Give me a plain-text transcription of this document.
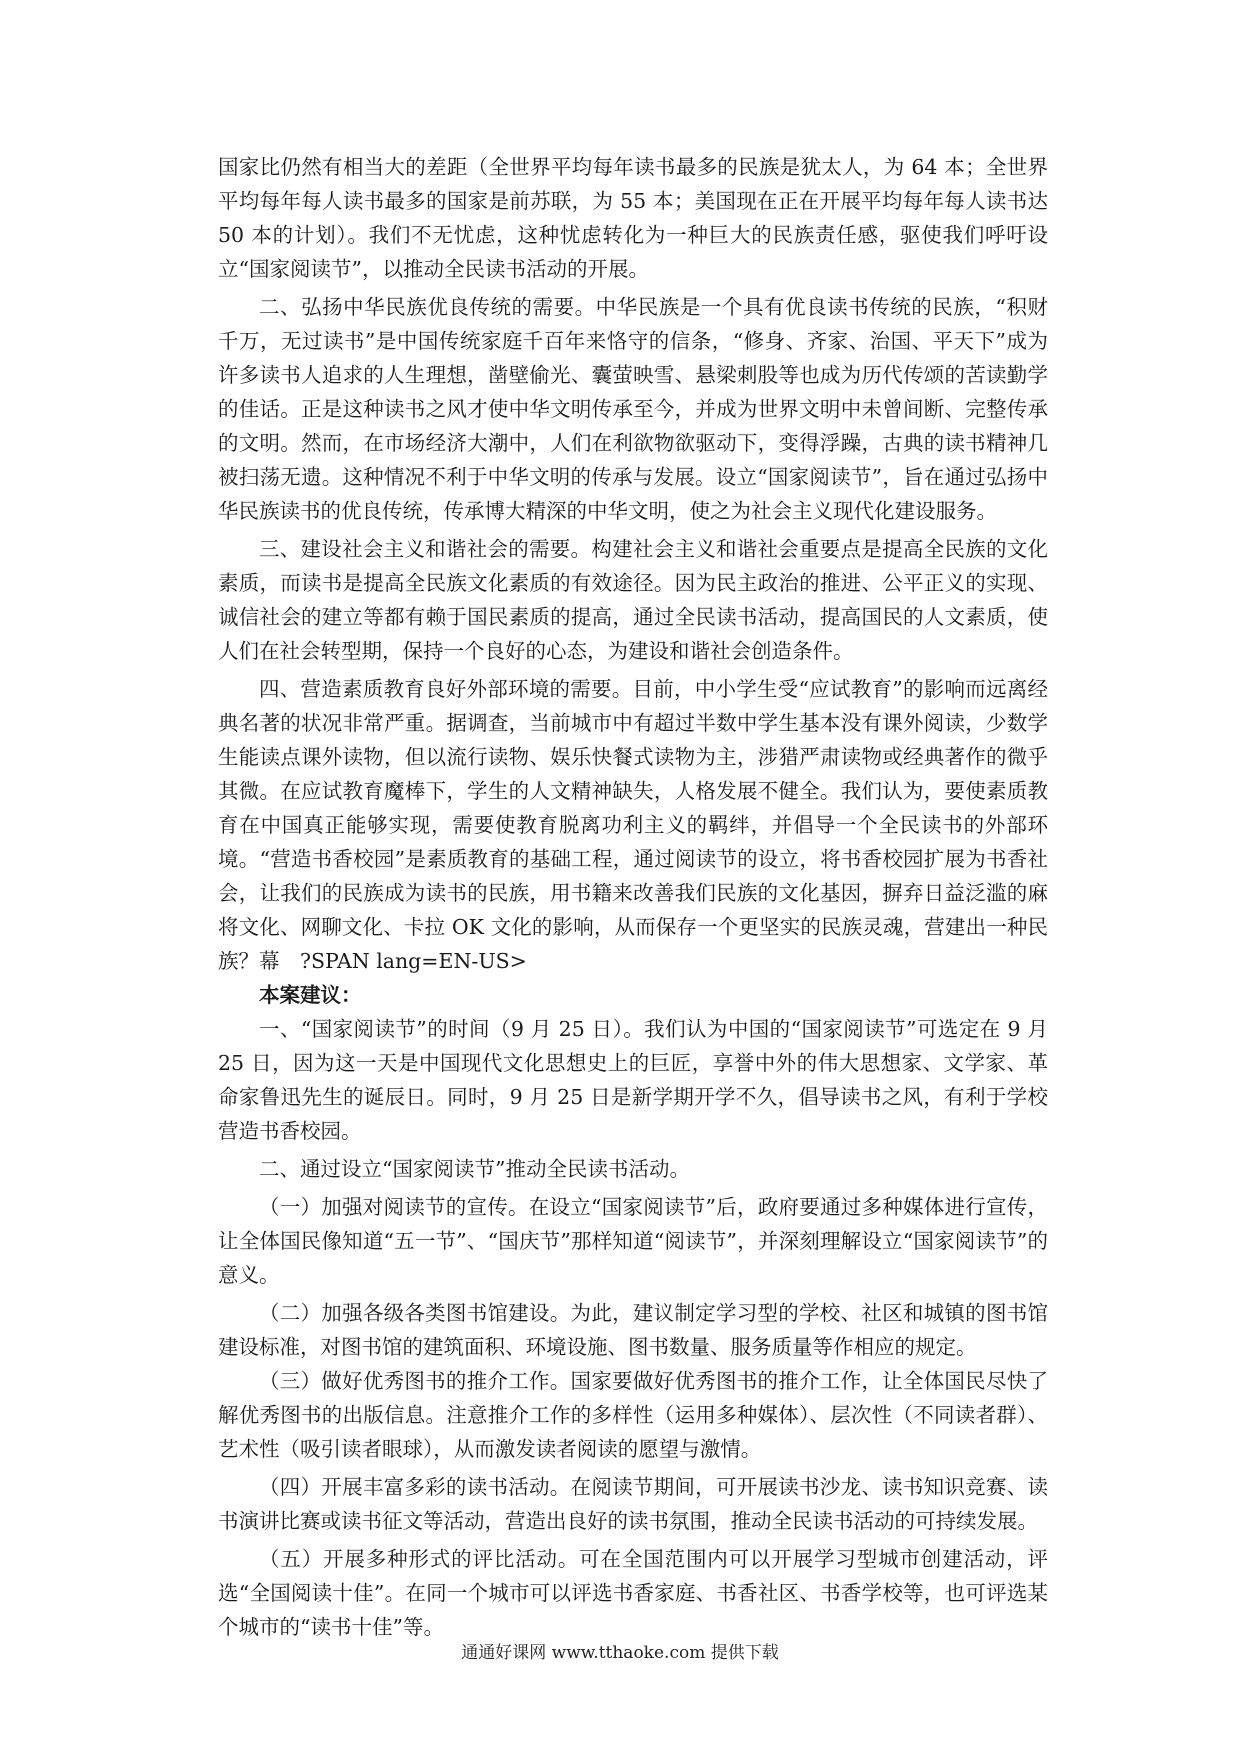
国家比仍然有相当大的差距（全世界平均每年读书最多的民族是犹太人，为 64 本；全世界平均每年每人读书最多的国家是前苏联，为 55 本；美国现在正在开展平均每年每人读书达 50 本的计划）。我们不无忧虑，这种忧虑转化为一种巨大的民族责任感，驱使我们呼吁设立“国家阅读节”，以推动全民读书活动的开展。

二、弘扬中华民族优良传统的需要。中华民族是一个具有优良读书传统的民族，“积财千万，无过读书”是中国传统家庭千百年来恪守的信条，“修身、齐家、治国、平天下”成为许多读书人追求的人生理想，凿壁偷光、囊萤映雪、悬梁刺股等也成为历代传颂的苦读勤学的佳话。正是这种读书之风才使中华文明传承至今，并成为世界文明中未曾间断、完整传承的文明。然而，在市场经济大潮中，人们在利欲物欲驱动下，变得浮躁，古典的读书精神几被扫荡无遗。这种情况不利于中华文明的传承与发展。设立“国家阅读节”，旨在通过弘扬中华民族读书的优良传统，传承博大精深的中华文明，使之为社会主义现代化建设服务。

三、建设社会主义和谐社会的需要。构建社会主义和谐社会重要点是提高全民族的文化素质，而读书是提高全民族文化素质的有效途径。因为民主政治的推进、公平正义的实现、诚信社会的建立等都有赖于国民素质的提高，通过全民读书活动，提高国民的人文素质，使人们在社会转型期，保持一个良好的心态，为建设和谐社会创造条件。

四、营造素质教育良好外部环境的需要。目前，中小学生受“应试教育”的影响而远离经典名著的状况非常严重。据调查，当前城市中有超过半数中学生基本没有课外阅读，少数学生能读点课外读物，但以流行读物、娱乐快餐式读物为主，涉猎严肃读物或经典著作的微乎其微。在应试教育魔棒下，学生的人文精神缺失，人格发展不健全。我们认为，要使素质教育在中国真正能够实现，需要使教育脱离功利主义的羁绊，并倡导一个全民读书的外部环境。“营造书香校园”是素质教育的基础工程，通过阅读节的设立，将书香校园扩展为书香社会，让我们的民族成为读书的民族，用书籍来改善我们民族的文化基因，摒弃日益泛滥的麻将文化、网聊文化、卡拉 OK 文化的影响，从而保存一个更坚实的民族灵魂，营建出一种民族？幕　?SPAN lang=EN-US>

本案建议：

一、“国家阅读节”的时间（9 月 25 日）。我们认为中国的“国家阅读节”可选定在 9 月 25 日，因为这一天是中国现代文化思想史上的巨匠，享誉中外的伟大思想家、文学家、革命家鲁迅先生的诞辰日。同时，9 月 25 日是新学期开学不久，倡导读书之风，有利于学校营造书香校园。

二、通过设立“国家阅读节”推动全民读书活动。

（一）加强对阅读节的宣传。在设立“国家阅读节”后，政府要通过多种媒体进行宣传，让全体国民像知道“五一节”、“国庆节”那样知道“阅读节”，并深刻理解设立“国家阅读节”的意义。

（二）加强各级各类图书馆建设。为此，建议制定学习型的学校、社区和城镇的图书馆建设标准，对图书馆的建筑面积、环境设施、图书数量、服务质量等作相应的规定。

（三）做好优秀图书的推介工作。国家要做好优秀图书的推介工作，让全体国民尽快了解优秀图书的出版信息。注意推介工作的多样性（运用多种媒体）、层次性（不同读者群）、艺术性（吸引读者眼球），从而激发读者阅读的愿望与激情。

（四）开展丰富多彩的读书活动。在阅读节期间，可开展读书沙龙、读书知识竞赛、读书演讲比赛或读书征文等活动，营造出良好的读书氛围，推动全民读书活动的可持续发展。

（五）开展多种形式的评比活动。可在全国范围内可以开展学习型城市创建活动，评选“全国阅读十佳”。在同一个城市可以评选书香家庭、书香社区、书香学校等，也可评选某个城市的“读书十佳”等。

通通好课网 www.tthaoke.com 提供下载
